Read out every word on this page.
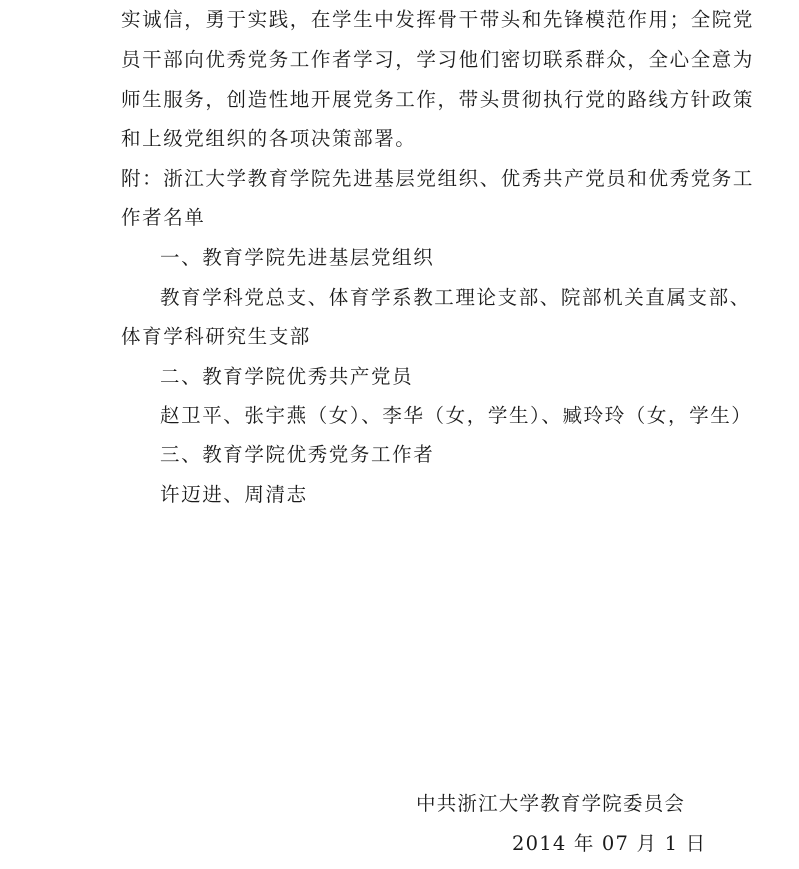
实诚信，勇于实践，在学生中发挥骨干带头和先锋模范作用；全院党
员干部向优秀党务工作者学习，学习他们密切联系群众，全心全意为
师生服务，创造性地开展党务工作，带头贯彻执行党的路线方针政策
和上级党组织的各项决策部署。
附：浙江大学教育学院先进基层党组织、优秀共产党员和优秀党务工
作者名单
一、教育学院先进基层党组织
教育学科党总支、体育学系教工理论支部、院部机关直属支部、
体育学科研究生支部
二、教育学院优秀共产党员
赵卫平、张宇燕（女）、李华（女，学生）、臧玲玲（女，学生）
三、教育学院优秀党务工作者
许迈进、周清志
中共浙江大学教育学院委员会
2014 年 07 月 1 日
